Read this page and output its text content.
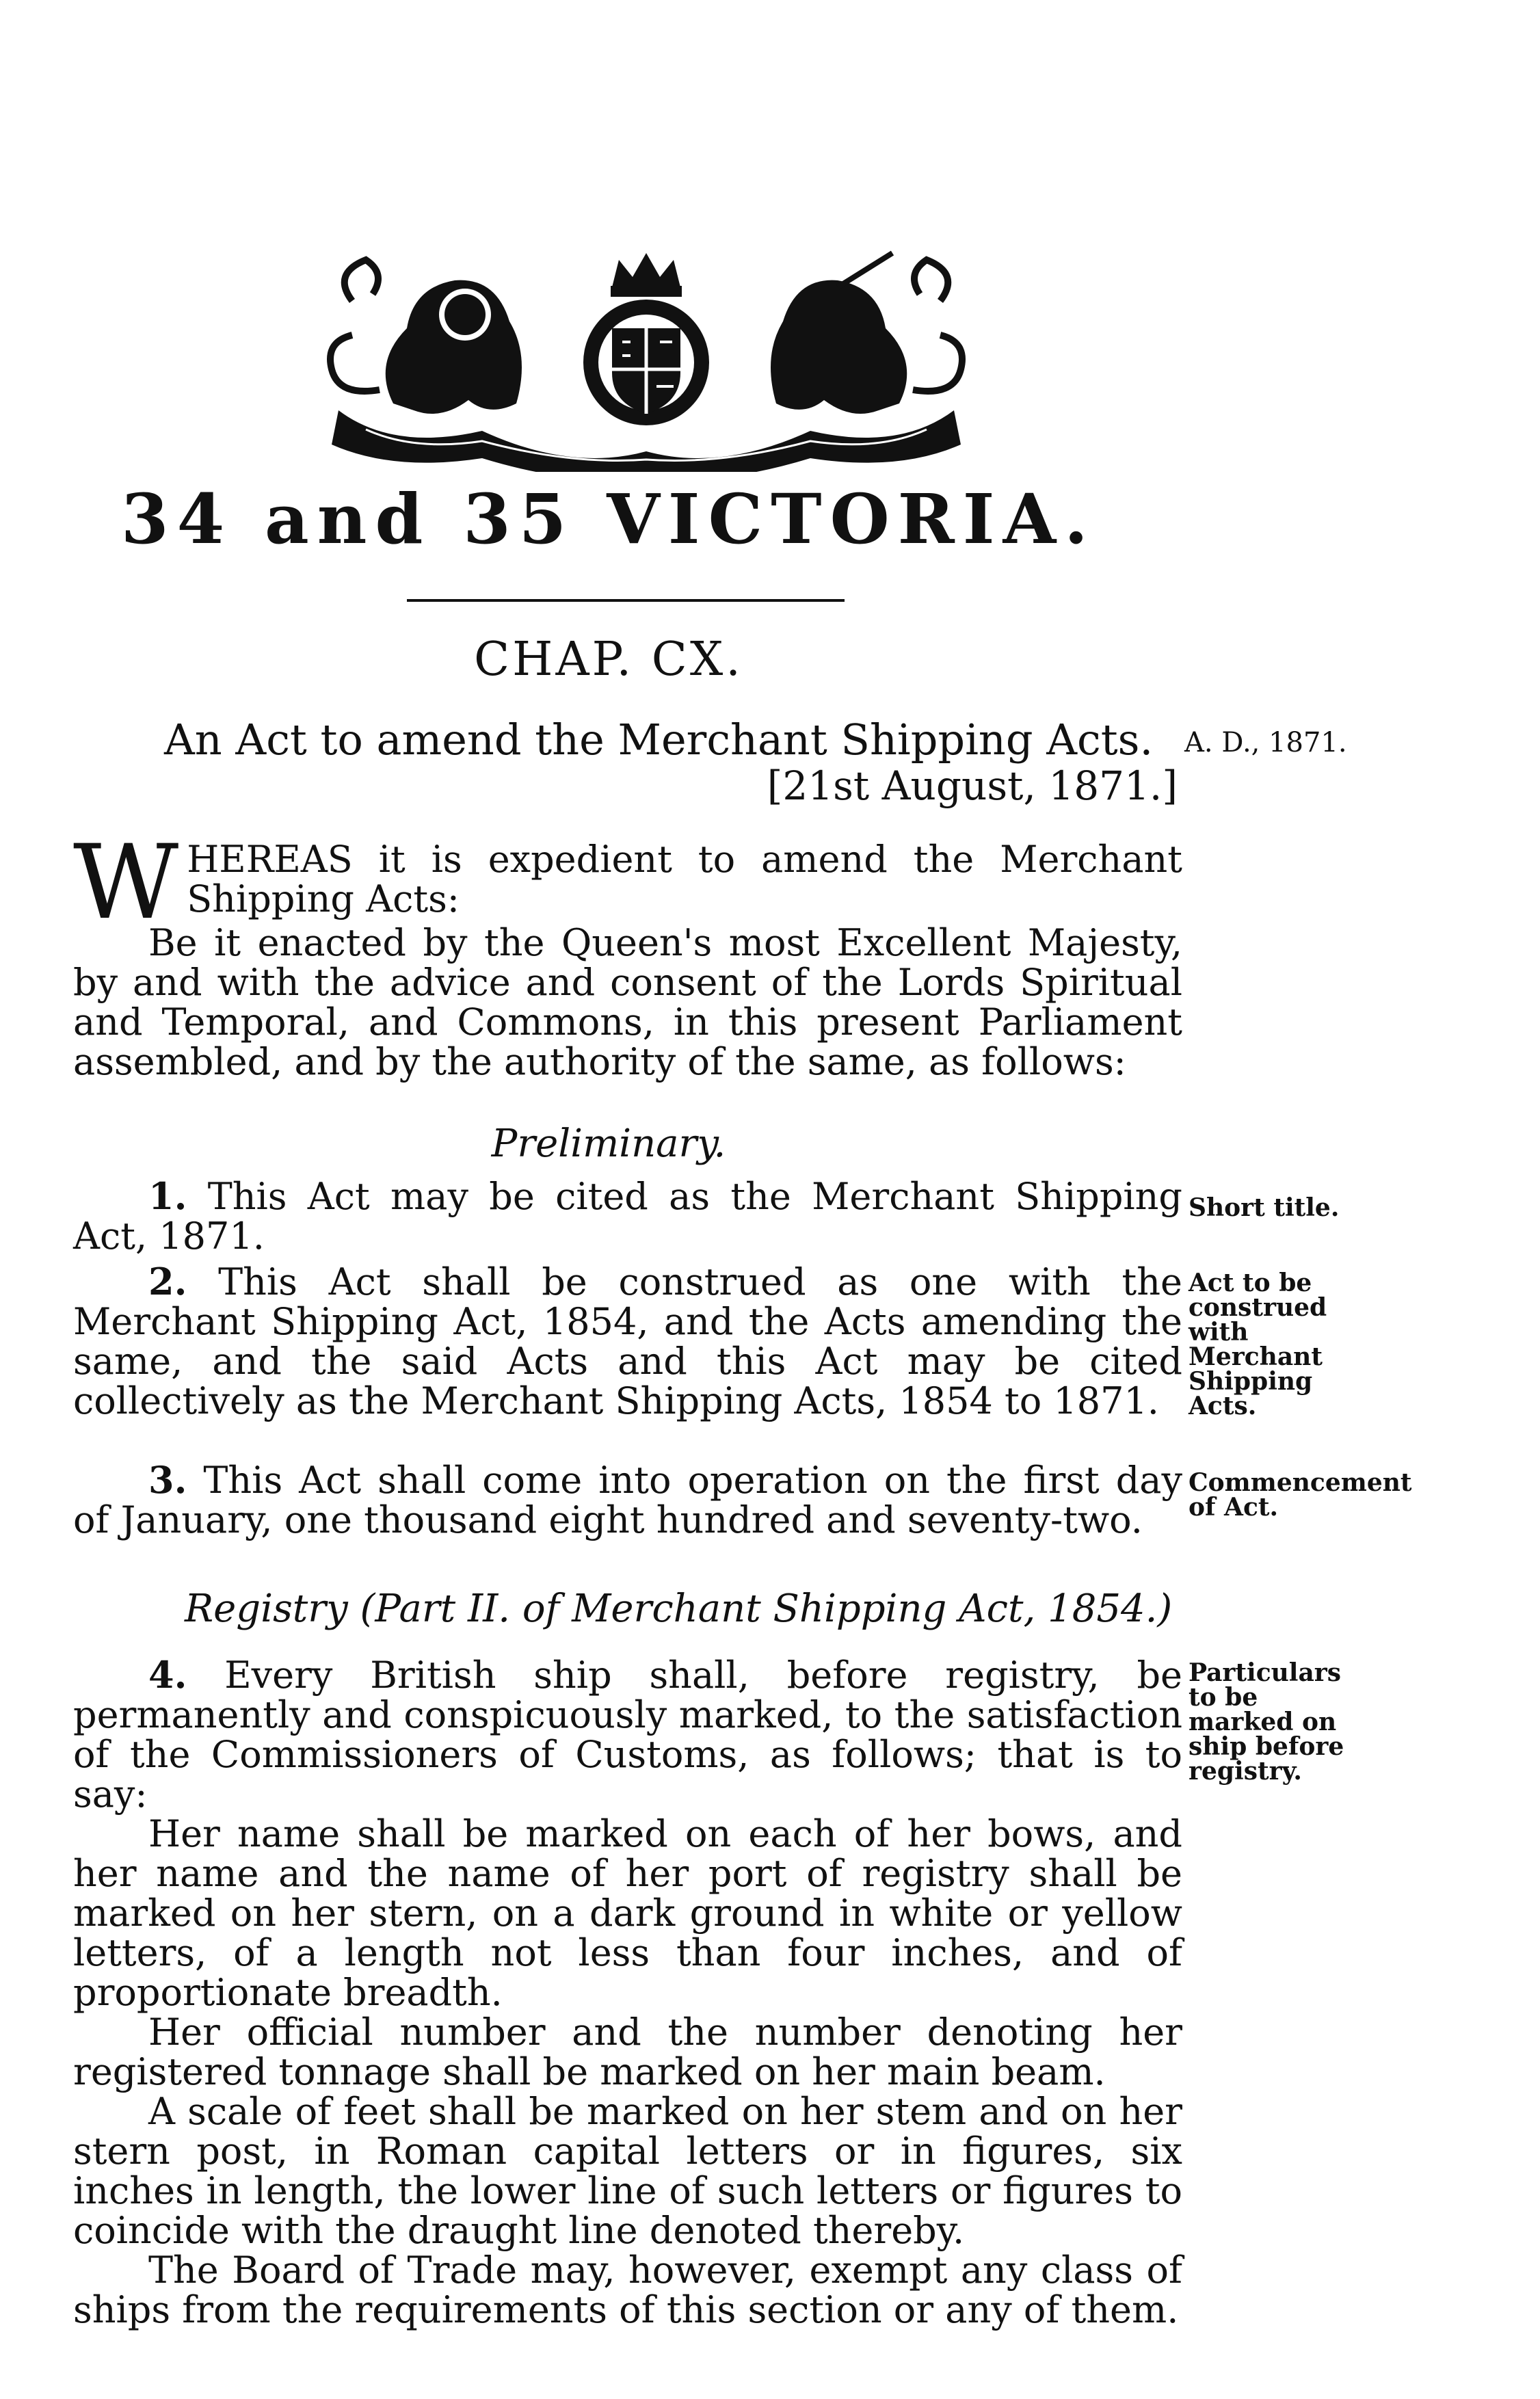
34 and 35 VICTORIA.
CHAP. CX.
An Act to amend the Merchant Shipping Acts. A. D., 1871.
[21st August, 1871.]
W HEREAS it is expedient to amend the Merchant Shipping Acts:

Be it enacted by the Queen's most Excellent Majesty, by and with the advice and consent of the Lords Spiritual and Temporal, and Commons, in this present Parliament assembled, and by the authority of the same, as follows:

Preliminary.

1. This Act may be cited as the Merchant Shipping Act, 1871.

Short title.

2. This Act shall be construed as one with the Merchant Shipping Act, 1854, and the Acts amending the same, and the said Acts and this Act may be cited collectively as the Merchant Shipping Acts, 1854 to 1871.

Act to be construed with Merchant Shipping Acts.

3. This Act shall come into operation on the first day of January, one thousand eight hundred and seventy-two.

Commencement of Act.
Registry (Part II. of Merchant Shipping Act, 1854.)

4. Every British ship shall, before registry, be permanently and conspicuously marked, to the satisfaction of the Commissioners of Customs, as follows; that is to say:

Her name shall be marked on each of her bows, and her name and the name of her port of registry shall be marked on her stern, on a dark ground in white or yellow letters, of a length not less than four inches, and of proportionate breadth.

Her official number and the number denoting her registered tonnage shall be marked on her main beam.

A scale of feet shall be marked on her stem and on her stern post, in Roman capital letters or in figures, six inches in length, the lower line of such letters or figures to coincide with the draught line denoted thereby.

The Board of Trade may, however, exempt any class of ships from the requirements of this section or any of them.

Particulars to be marked on ship before registry.
